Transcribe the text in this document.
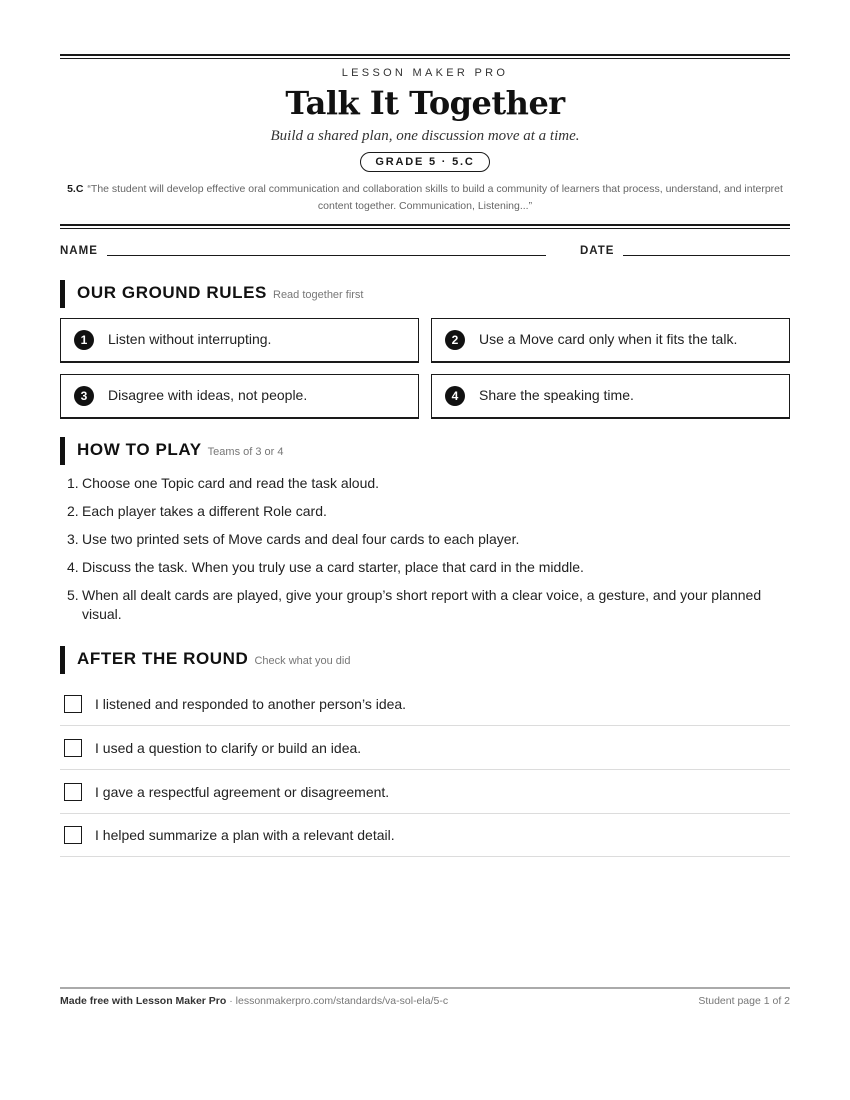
LESSON MAKER PRO
Talk It Together
Build a shared plan, one discussion move at a time.
GRADE 5 · 5.C
5.C “The student will develop effective oral communication and collaboration skills to build a community of learners that process, understand, and interpret content together. Communication, Listening...”
NAME	DATE
OUR GROUND RULES Read together first
1	Listen without interrupting.	2	Use a Move card only when it fits the talk.
3	Disagree with ideas, not people.	4	Share the speaking time.
HOW TO PLAY Teams of 3 or 4
1. Choose one Topic card and read the task aloud.
2. Each player takes a different Role card.
3. Use two printed sets of Move cards and deal four cards to each player.
4. Discuss the task. When you truly use a card starter, place that card in the middle.
5. When all dealt cards are played, give your group’s short report with a clear voice, a gesture, and your planned visual.
AFTER THE ROUND Check what you did
I listened and responded to another person’s idea.
I used a question to clarify or build an idea.
I gave a respectful agreement or disagreement.
I helped summarize a plan with a relevant detail.
Made free with Lesson Maker Pro · lessonmakerpro.com/standards/va-sol-ela/5-c	Student page 1 of 2
